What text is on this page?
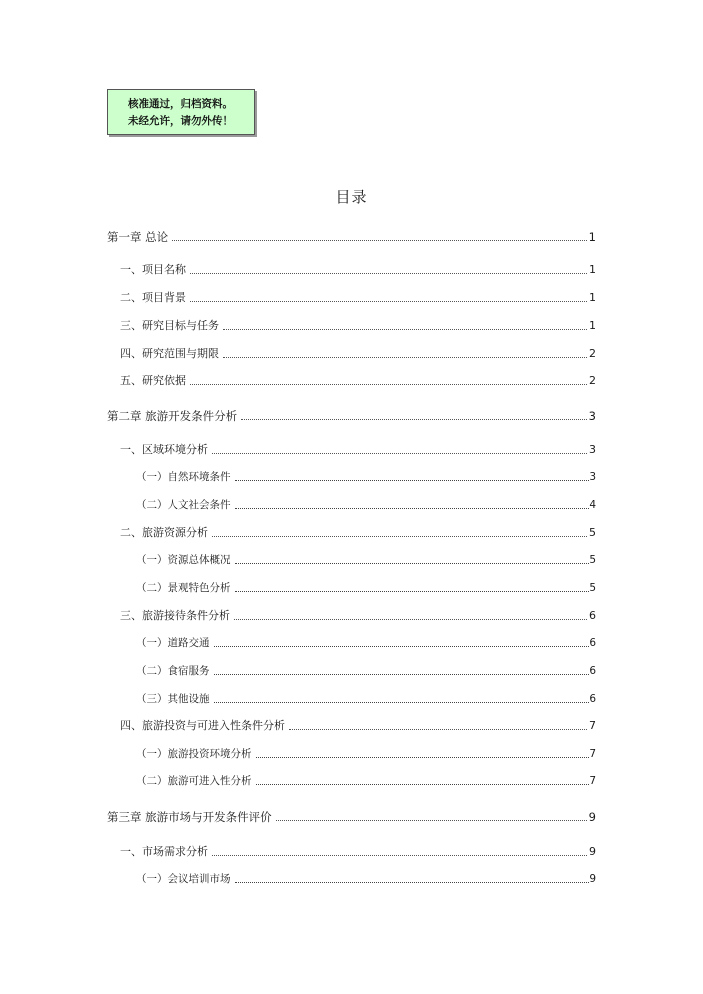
核准通过，归档资料。
未经允许，请勿外传！
目录
第一章 总论	1
一、项目名称	1
二、项目背景	1
三、研究目标与任务	1
四、研究范围与期限	2
五、研究依据	2
第二章 旅游开发条件分析	3
一、区域环境分析	3
（一）自然环境条件	3
（二）人文社会条件	4
二、旅游资源分析	5
（一）资源总体概况	5
（二）景观特色分析	5
三、旅游接待条件分析	6
（一）道路交通	6
（二）食宿服务	6
（三）其他设施	6
四、旅游投资与可进入性条件分析	7
（一）旅游投资环境分析	7
（二）旅游可进入性分析	7
第三章 旅游市场与开发条件评价	9
一、市场需求分析	9
（一）会议培训市场	9
